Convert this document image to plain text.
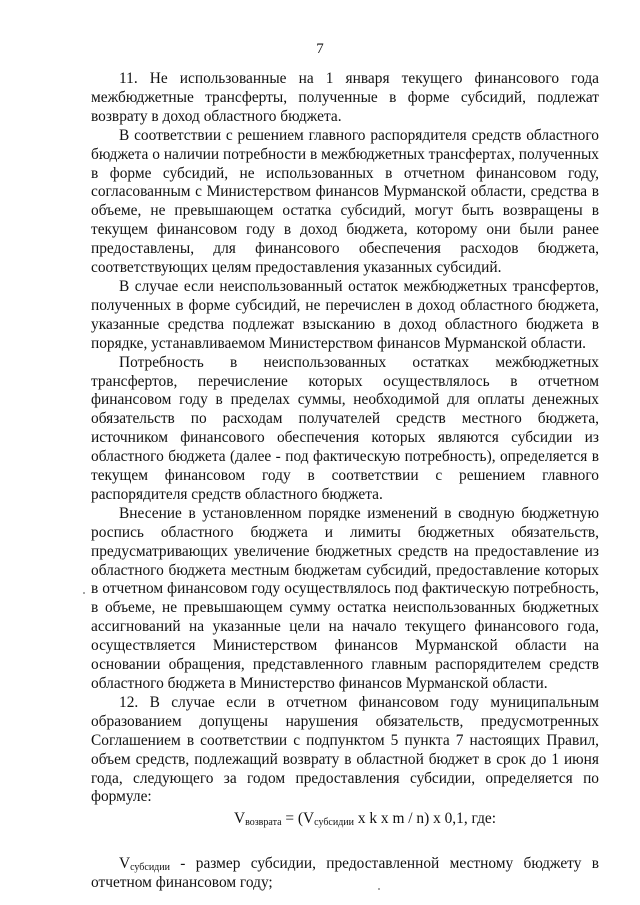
7

11. Не использованные на 1 января текущего финансового года межбюджетные трансферты, полученные в форме субсидий, подлежат возврату в доход областного бюджета.

В соответствии с решением главного распорядителя средств областного бюджета о наличии потребности в межбюджетных трансфертах, полученных в форме субсидий, не использованных в отчетном финансовом году, согласованным с Министерством финансов Мурманской области, средства в объеме, не превышающем остатка субсидий, могут быть возвращены в текущем финансовом году в доход бюджета, которому они были ранее предоставлены, для финансового обеспечения расходов бюджета, соответствующих целям предоставления указанных субсидий.

В случае если неиспользованный остаток межбюджетных трансфертов, полученных в форме субсидий, не перечислен в доход областного бюджета, указанные средства подлежат взысканию в доход областного бюджета в порядке, устанавливаемом Министерством финансов Мурманской области.

Потребность в неиспользованных остатках межбюджетных трансфертов, перечисление которых осуществлялось в отчетном финансовом году в пределах суммы, необходимой для оплаты денежных обязательств по расходам получателей средств местного бюджета, источником финансового обеспечения которых являются субсидии из областного бюджета (далее - под фактическую потребность), определяется в текущем финансовом году в соответствии с решением главного распорядителя средств областного бюджета.

Внесение в установленном порядке изменений в сводную бюджетную роспись областного бюджета и лимиты бюджетных обязательств, предусматривающих увеличение бюджетных средств на предоставление из областного бюджета местным бюджетам субсидий, предоставление которых в отчетном финансовом году осуществлялось под фактическую потребность, в объеме, не превышающем сумму остатка неиспользованных бюджетных ассигнований на указанные цели на начало текущего финансового года, осуществляется Министерством финансов Мурманской области на основании обращения, представленного главным распорядителем средств областного бюджета в Министерство финансов Мурманской области.

12. В случае если в отчетном финансовом году муниципальным образованием допущены нарушения обязательств, предусмотренных Соглашением в соответствии с подпунктом 5 пункта 7 настоящих Правил, объем средств, подлежащий возврату в областной бюджет в срок до 1 июня года, следующего за годом предоставления субсидии, определяется по формуле:

$V_{возврата} = (V_{субсидии}$ x k x m / n) x 0,1, где:

$V_{субсидии}$ - размер субсидии, предоставленной местному бюджету в отчетном финансовом году;
